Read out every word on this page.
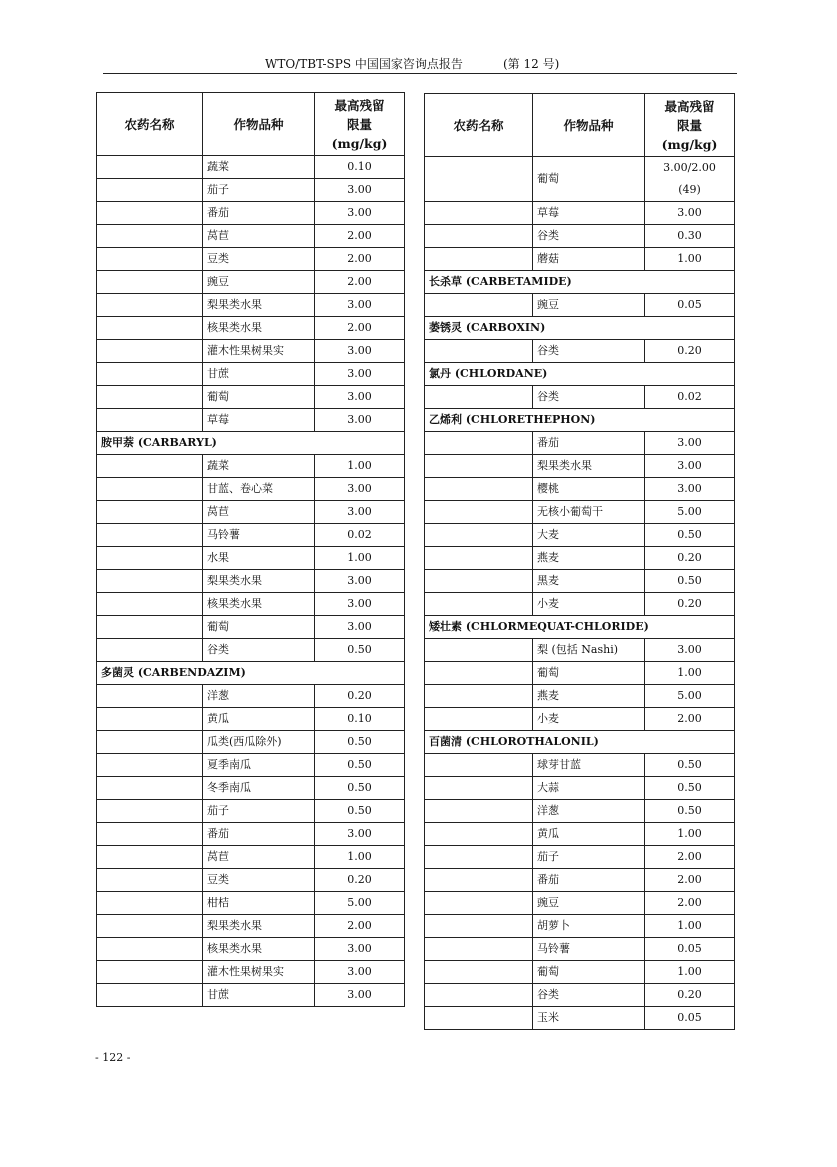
WTO/TBT-SPS 中国国家咨询点报告	(第 12 号)
农药名称	作物品种	最高残留
限量
(mg/kg)
	蔬菜	0.10
	茄子	3.00
	番茄	3.00
	莴苣	2.00
	豆类	2.00
	豌豆	2.00
	梨果类水果	3.00
	核果类水果	2.00
	灌木性果树果实	3.00
	甘蔗	3.00
	葡萄	3.00
	草莓	3.00
胺甲萘 (CARBARYL)		
	蔬菜	1.00
	甘蓝、卷心菜	3.00
	莴苣	3.00
	马铃薯	0.02
	水果	1.00
	梨果类水果	3.00
	核果类水果	3.00
	葡萄	3.00
	谷类	0.50
多菌灵 (CARBENDAZIM)		
	洋葱	0.20
	黄瓜	0.10
	瓜类(西瓜除外)	0.50
	夏季南瓜	0.50
	冬季南瓜	0.50
	茄子	0.50
	番茄	3.00
	莴苣	1.00
	豆类	0.20
	柑桔	5.00
	梨果类水果	2.00
	核果类水果	3.00
	灌木性果树果实	3.00
	甘蔗	3.00
农药名称	作物品种	最高残留
限量
(mg/kg)
	葡萄	3.00/2.00
(49)
	草莓	3.00
	谷类	0.30
	蘑菇	1.00
长杀草 (CARBETAMIDE)		
	豌豆	0.05
萎锈灵 (CARBOXIN)		
	谷类	0.20
氯丹 (CHLORDANE)		
	谷类	0.02
乙烯利 (CHLORETHEPHON)		
	番茄	3.00
	梨果类水果	3.00
	樱桃	3.00
	无核小葡萄干	5.00
	大麦	0.50
	燕麦	0.20
	黑麦	0.50
	小麦	0.20
矮壮素 (CHLORMEQUAT-CHLORIDE)		
	梨 (包括 Nashi)	3.00
	葡萄	1.00
	燕麦	5.00
	小麦	2.00
百菌清 (CHLOROTHALONIL)		
	球芽甘蓝	0.50
	大蒜	0.50
	洋葱	0.50
	黄瓜	1.00
	茄子	2.00
	番茄	2.00
	豌豆	2.00
	胡萝卜	1.00
	马铃薯	0.05
	葡萄	1.00
	谷类	0.20
	玉米	0.05
- 122 -
